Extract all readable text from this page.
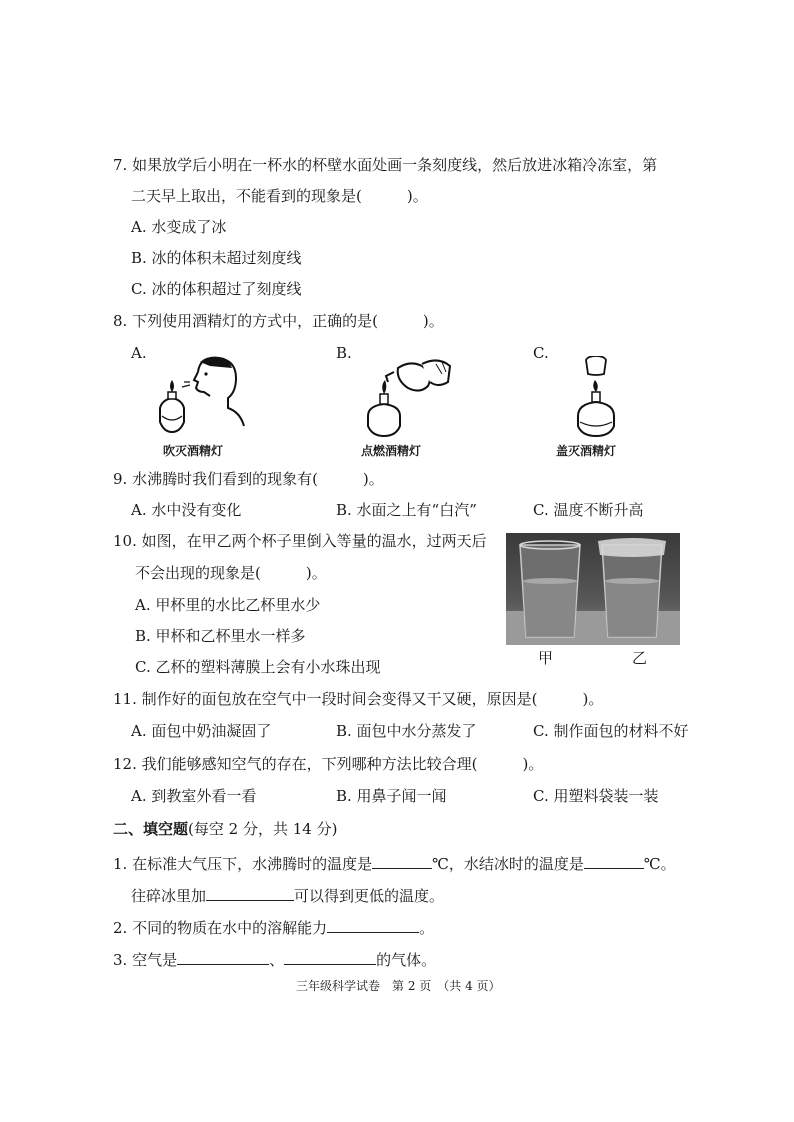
7. 如果放学后小明在一杯水的杯壁水面处画一条刻度线，然后放进冰箱冷冻室，第
二天早上取出，不能看到的现象是(　　　)。
A. 水变成了冰
B. 冰的体积未超过刻度线
C. 冰的体积超过了刻度线
8. 下列使用酒精灯的方式中，正确的是(　　　)。
A.	B.	C.
吹灭酒精灯	点燃酒精灯	盖灭酒精灯
9. 水沸腾时我们看到的现象有(　　　)。
A. 水中没有变化	B. 水面之上有“白汽”	C. 温度不断升高
10. 如图，在甲乙两个杯子里倒入等量的温水，过两天后
不会出现的现象是(　　　)。
A. 甲杯里的水比乙杯里水少
B. 甲杯和乙杯里水一样多
C. 乙杯的塑料薄膜上会有小水珠出现	甲	乙
11. 制作好的面包放在空气中一段时间会变得又干又硬，原因是(　　　)。
A. 面包中奶油凝固了	B. 面包中水分蒸发了	C. 制作面包的材料不好
12. 我们能够感知空气的存在，下列哪种方法比较合理(　　　)。
A. 到教室外看一看	B. 用鼻子闻一闻	C. 用塑料袋装一装
二、填空题(每空 2 分，共 14 分)
1. 在标准大气压下，水沸腾时的温度是	℃，水结冰时的温度是	℃。
往碎冰里加	可以得到更低的温度。
2. 不同的物质在水中的溶解能力	。
3. 空气是	、	的气体。
三年级科学试卷　第 2 页　（共 4 页）
